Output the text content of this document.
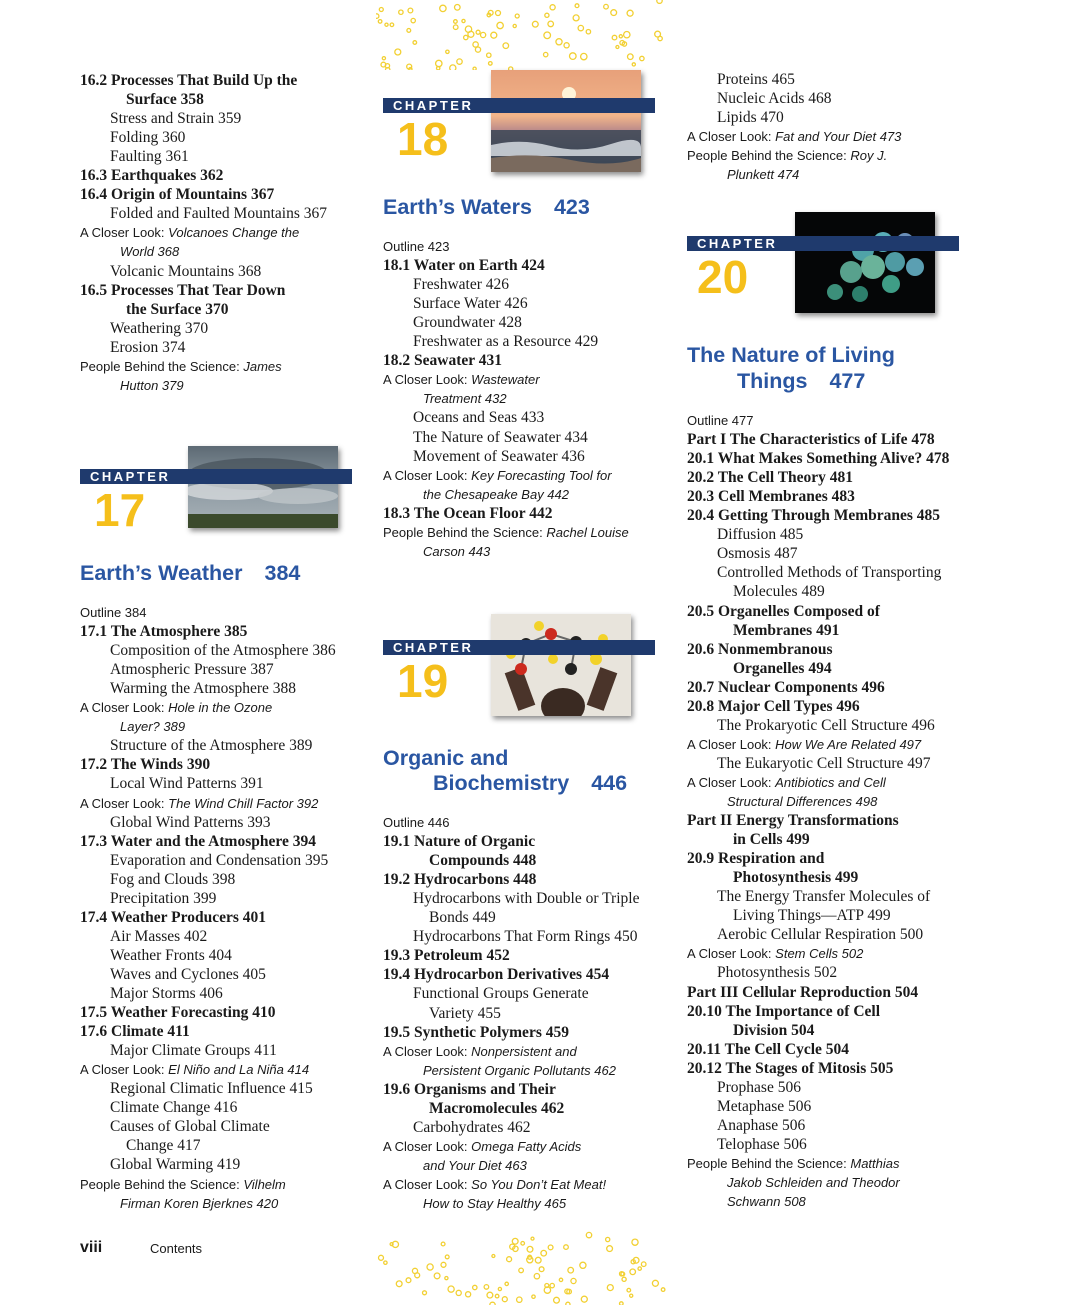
16.2 Processes That Build Up the
Surface 358
Stress and Strain 359
Folding 360
Faulting 361
16.3 Earthquakes 362
16.4 Origin of Mountains 367
Folded and Faulted Mountains 367
A Closer Look: Volcanoes Change the
World 368
Volcanic Mountains 368
16.5 Processes That Tear Down
the Surface 370
Weathering 370
Erosion 374
People Behind the Science: James
Hutton 379
CHAPTER
17
Earth’s Weather 384
Outline 384
17.1 The Atmosphere 385
Composition of the Atmosphere 386
Atmospheric Pressure 387
Warming the Atmosphere 388
A Closer Look: Hole in the Ozone
Layer? 389
Structure of the Atmosphere 389
17.2 The Winds 390
Local Wind Patterns 391
A Closer Look: The Wind Chill Factor 392
Global Wind Patterns 393
17.3 Water and the Atmosphere 394
Evaporation and Condensation 395
Fog and Clouds 398
Precipitation 399
17.4 Weather Producers 401
Air Masses 402
Weather Fronts 404
Waves and Cyclones 405
Major Storms 406
17.5 Weather Forecasting 410
17.6 Climate 411
Major Climate Groups 411
A Closer Look: El Niño and La Niña 414
Regional Climatic Influence 415
Climate Change 416
Causes of Global Climate
Change 417
Global Warming 419
People Behind the Science: Vilhelm
Firman Koren Bjerknes 420
CHAPTER
18
Earth’s Waters 423
Outline 423
18.1 Water on Earth 424
Freshwater 426
Surface Water 426
Groundwater 428
Freshwater as a Resource 429
18.2 Seawater 431
A Closer Look: Wastewater
Treatment 432
Oceans and Seas 433
The Nature of Seawater 434
Movement of Seawater 436
A Closer Look: Key Forecasting Tool for
the Chesapeake Bay 442
18.3 The Ocean Floor 442
People Behind the Science: Rachel Louise
Carson 443
CHAPTER
19
Organic and
Biochemistry 446
Outline 446
19.1 Nature of Organic
Compounds 448
19.2 Hydrocarbons 448
Hydrocarbons with Double or Triple
Bonds 449
Hydrocarbons That Form Rings 450
19.3 Petroleum 452
19.4 Hydrocarbon Derivatives 454
Functional Groups Generate
Variety 455
19.5 Synthetic Polymers 459
A Closer Look: Nonpersistent and
Persistent Organic Pollutants 462
19.6 Organisms and Their
Macromolecules 462
Carbohydrates 462
A Closer Look: Omega Fatty Acids
and Your Diet 463
A Closer Look: So You Don’t Eat Meat!
How to Stay Healthy 465
Proteins 465
Nucleic Acids 468
Lipids 470
A Closer Look: Fat and Your Diet 473
People Behind the Science: Roy J.
Plunkett 474
CHAPTER
20
The Nature of Living
Things 477
Outline 477
Part I The Characteristics of Life 478
20.1 What Makes Something Alive? 478
20.2 The Cell Theory 481
20.3 Cell Membranes 483
20.4 Getting Through Membranes 485
Diffusion 485
Osmosis 487
Controlled Methods of Transporting
Molecules 489
20.5 Organelles Composed of
Membranes 491
20.6 Nonmembranous
Organelles 494
20.7 Nuclear Components 496
20.8 Major Cell Types 496
The Prokaryotic Cell Structure 496
A Closer Look: How We Are Related 497
The Eukaryotic Cell Structure 497
A Closer Look: Antibiotics and Cell
Structural Differences 498
Part II Energy Transformations
in Cells 499
20.9 Respiration and
Photosynthesis 499
The Energy Transfer Molecules of
Living Things—ATP 499
Aerobic Cellular Respiration 500
A Closer Look: Stem Cells 502
Photosynthesis 502
Part III Cellular Reproduction 504
20.10 The Importance of Cell
Division 504
20.11 The Cell Cycle 504
20.12 The Stages of Mitosis 505
Prophase 506
Metaphase 506
Anaphase 506
Telophase 506
People Behind the Science: Matthias
Jakob Schleiden and Theodor
Schwann 508
viii	Contents
